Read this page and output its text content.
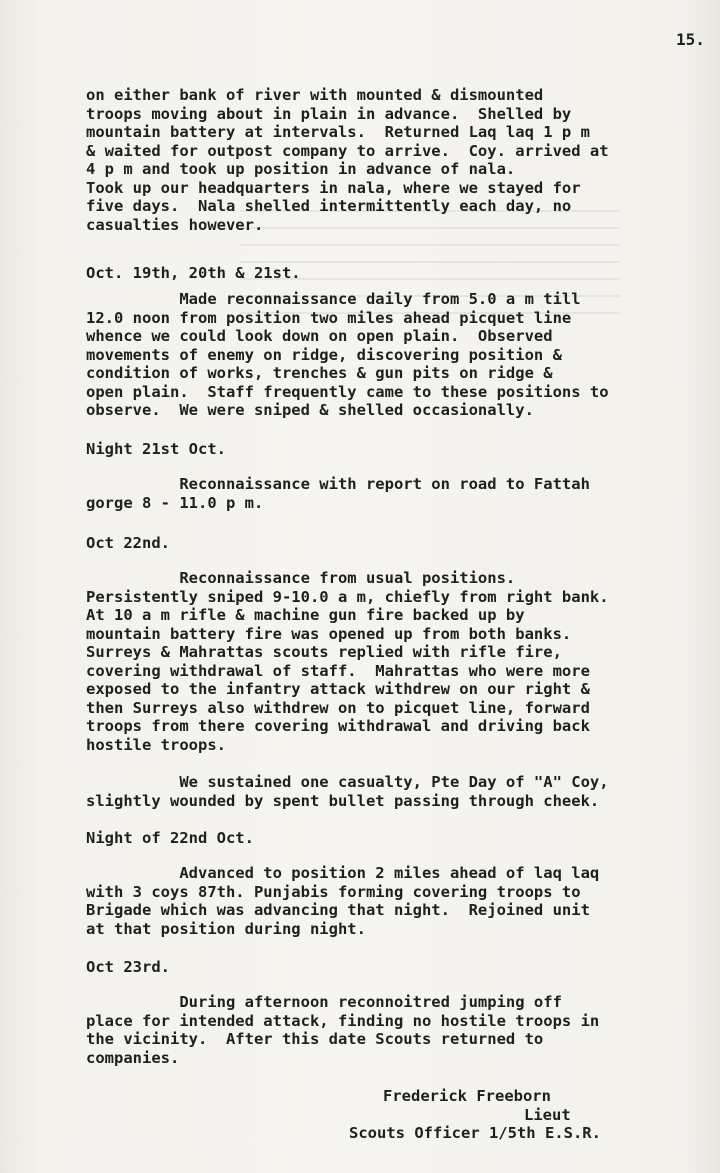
15.
on either bank of river with mounted & dismounted
troops moving about in plain in advance.  Shelled by
mountain battery at intervals.  Returned Laq laq 1 p m
& waited for outpost company to arrive.  Coy. arrived at
4 p m and took up position in advance of nala.
Took up our headquarters in nala, where we stayed for
five days.  Nala shelled intermittently each day, no
casualties however.
Oct. 19th, 20th & 21st.
Made reconnaissance daily from 5.0 a m till
12.0 noon from position two miles ahead picquet line
whence we could look down on open plain.  Observed
movements of enemy on ridge, discovering position &
condition of works, trenches & gun pits on ridge &
open plain.  Staff frequently came to these positions to
observe.  We were sniped & shelled occasionally.
Night 21st Oct.
Reconnaissance with report on road to Fattah
gorge 8 - 11.0 p m.
Oct 22nd.
Reconnaissance from usual positions.
Persistently sniped 9-10.0 a m, chiefly from right bank.
At 10 a m rifle & machine gun fire backed up by
mountain battery fire was opened up from both banks.
Surreys & Mahrattas scouts replied with rifle fire,
covering withdrawal of staff.  Mahrattas who were more
exposed to the infantry attack withdrew on our right &
then Surreys also withdrew on to picquet line, forward
troops from there covering withdrawal and driving back
hostile troops.
We sustained one casualty, Pte Day of "A" Coy,
slightly wounded by spent bullet passing through cheek.
Night of 22nd Oct.
Advanced to position 2 miles ahead of laq laq
with 3 coys 87th. Punjabis forming covering troops to
Brigade which was advancing that night.  Rejoined unit
at that position during night.
Oct 23rd.
During afternoon reconnoitred jumping off
place for intended attack, finding no hostile troops in
the vicinity.  After this date Scouts returned to
companies.
Frederick Freeborn
Lieut
Scouts Officer 1/5th E.S.R.
